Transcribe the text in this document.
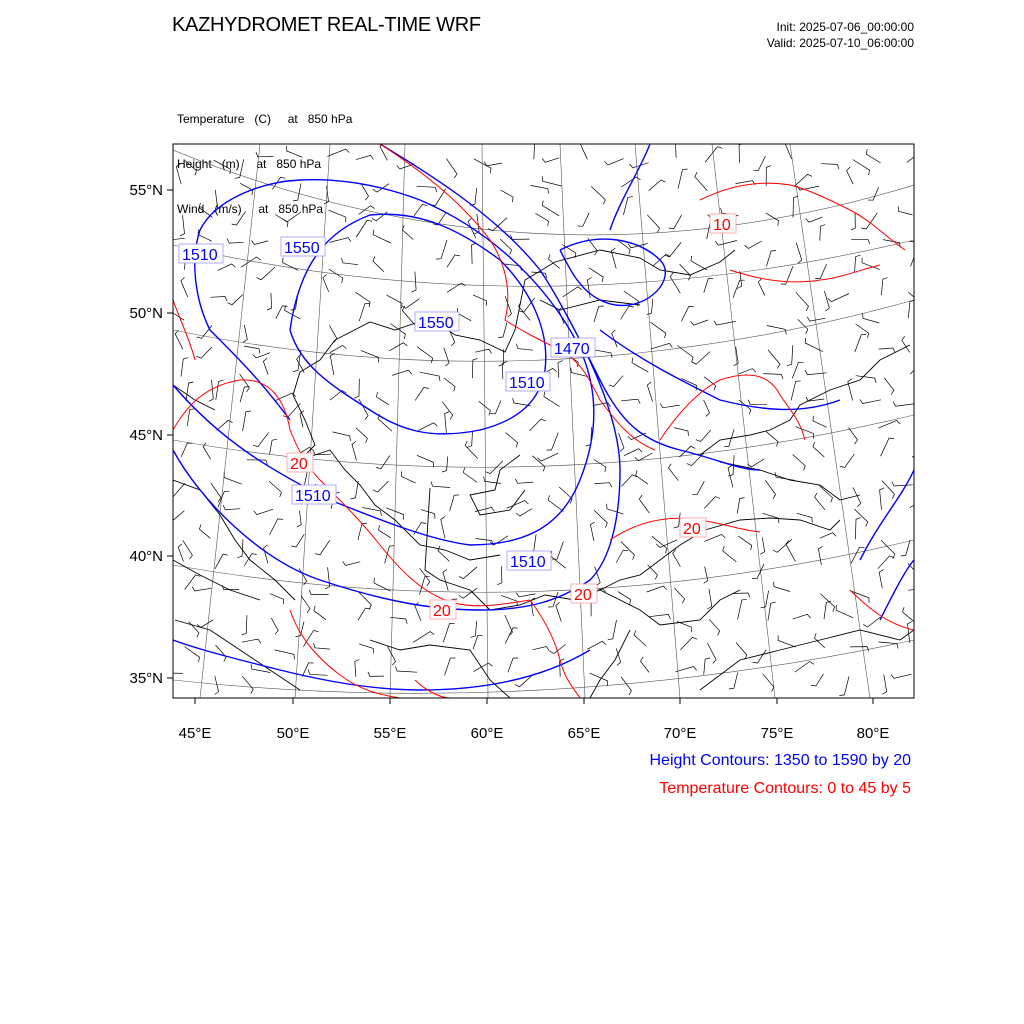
KAZHYDROMET REAL-TIME WRF	Init: 2025-07-06_00:00:00
Valid: 2025-07-10_06:00:00

Temperature   (C)     at   850 hPa

Height   (m)     at   850 hPa

Wind   (m/s)     at   850 hPa

1510	1550
1550
1470
1510
1510
1510
10
20
20
20
20
55°N
50°N
45°N
40°N
35°N
45°E	50°E	55°E	60°E	65°E	70°E	75°E	80°E
Height Contours: 1350 to 1590 by 20
Temperature Contours: 0 to 45 by 5
